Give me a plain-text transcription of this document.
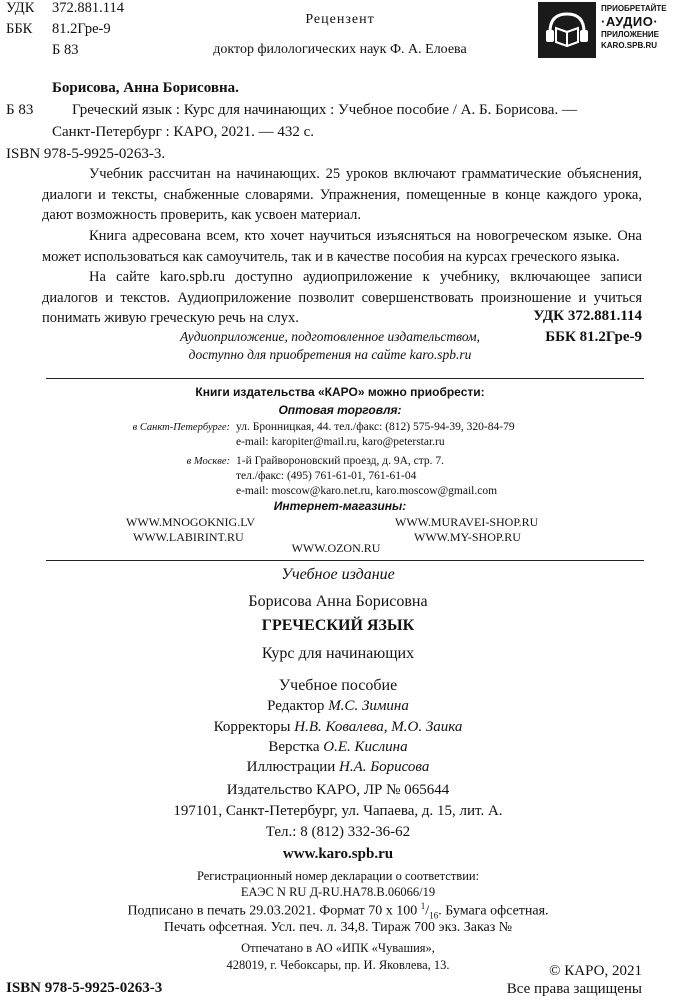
УДК 372.881.114
ББК 81.2Гре-9
Б 83
Рецензент
доктор филологических наук Ф. А. Елоева
ПРИОБРЕТАЙТЕ
·АУДИО·
ПРИЛОЖЕНИЕ
KARO.SPB.RU
Борисова, Анна Борисовна.
Б 83	Греческий язык : Курс для начинающих : Учебное пособие / А. Б. Борисова. —
Санкт-Петербург : КАРО, 2021. — 432 с.
ISBN 978-5-9925-0263-3.

Учебник рассчитан на начинающих. 25 уроков включают грамматические объяснения, диалоги и тексты, снабженные словарями. Упражнения, помещенные в конце каждого урока, дают возможность проверить, как усвоен материал.

Книга адресована всем, кто хочет научиться изъясняться на новогреческом языке. Она может использоваться как самоучитель, так и в качестве пособия на курсах греческого языка.

На сайте karo.spb.ru доступно аудиоприложение к учебнику, включающее записи диалогов и текстов. Аудиоприложение позволит совершенствовать произношение и учиться понимать живую греческую речь на слух.	УДК 372.881.114
ББК 81.2Гре-9
Аудиоприложение, подготовленное издательством,
доступно для приобретения на сайте karo.spb.ru
Книги издательства «КАРО» можно приобрести:
Оптовая торговля:
в Санкт-Петербурге: ул. Бронницкая, 44. тел./факс: (812) 575-94-39, 320-84-79
e-mail: karopiter@mail.ru, karo@peterstar.ru
в Москве: 1-й Грайвороновский проезд, д. 9А, стр. 7.
тел./факс: (495) 761-61-01, 761-61-04
e-mail: moscow@karo.net.ru, karo.moscow@gmail.com
Интернет-магазины:
WWW.MNOGOKNIG.LV	WWW.MURAVEI-SHOP.RU
WWW.LABIRINT.RU	WWW.MY-SHOP.RU
WWW.OZON.RU
Учебное издание
Борисова Анна Борисовна
ГРЕЧЕСКИЙ ЯЗЫК
Курс для начинающих
Учебное пособие
Редактор М.С. Зимина
Корректоры Н.В. Ковалева, М.О. Заика
Верстка О.Е. Кислина
Иллюстрации Н.А. Борисова
Издательство КАРО, ЛР № 065644
197101, Санкт-Петербург, ул. Чапаева, д. 15, лит. А.
Тел.: 8 (812) 332-36-62
www.karo.spb.ru
Регистрационный номер декларации о соответствии:
ЕАЭС N RU Д-RU.HA78.B.06066/19
Подписано в печать 29.03.2021. Формат 70 х 100 $^1/_{16}$. Бумага офсетная.
Печать офсетная. Усл. печ. л. 34,8. Тираж 700 экз. Заказ №
Отпечатано в АО «ИПК «Чувашия»,
428019, г. Чебоксары, пр. И. Яковлева, 13.
ISBN 978-5-9925-0263-3
© КАРО, 2021
Все права защищены
